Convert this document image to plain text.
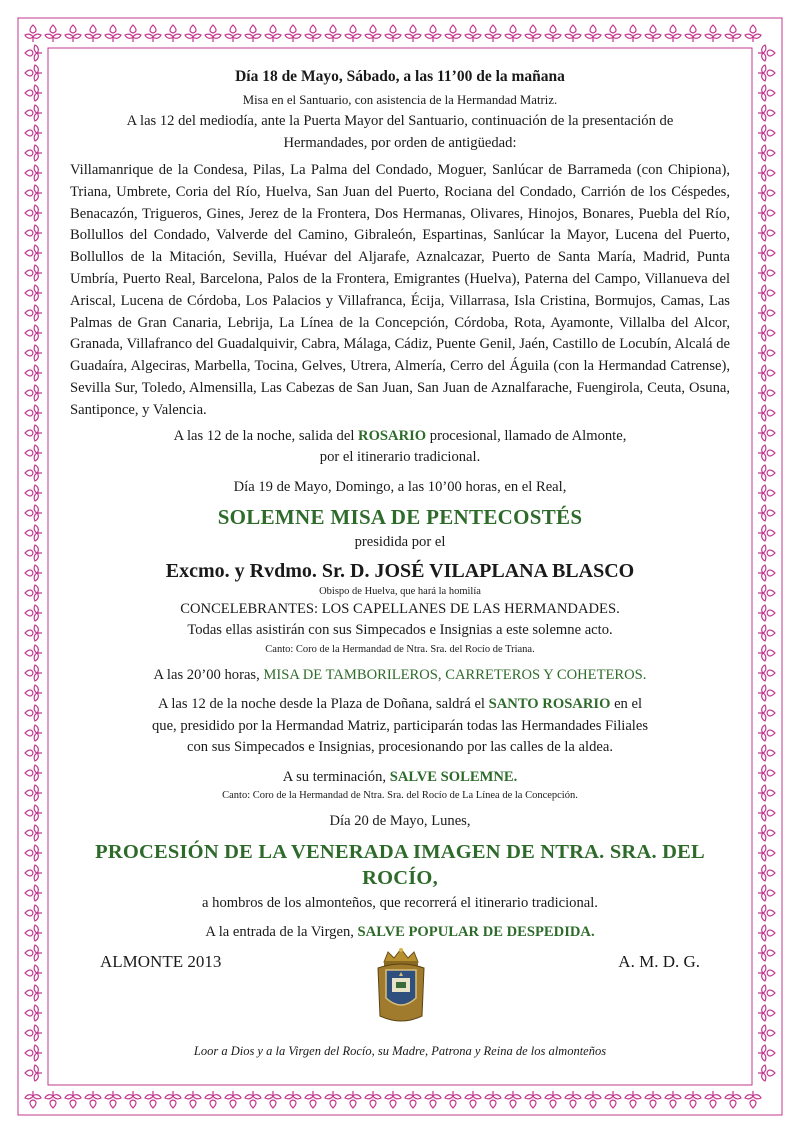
Día 18 de Mayo, Sábado, a las 11’00 de la mañana

Misa en el Santuario, con asistencia de la Hermandad Matriz.

A las 12 del mediodía, ante la Puerta Mayor del Santuario, continuación de la presentación de

Hermandades, por orden de antigüedad:

Villamanrique de la Condesa, Pilas, La Palma del Condado, Moguer, Sanlúcar de Barrameda (con Chipiona), Triana, Umbrete, Coria del Río, Huelva, San Juan del Puerto, Rociana del Condado, Carrión de los Céspedes, Benacazón, Trigueros, Gines, Jerez de la Frontera, Dos Hermanas, Olivares, Hinojos, Bonares, Puebla del Río, Bollullos del Condado, Valverde del Camino, Gibraleón, Espartinas, Sanlúcar la Mayor, Lucena del Puerto, Bollullos de la Mitación, Sevilla, Huévar del Aljarafe, Aznalcazar, Puerto de Santa María, Madrid, Punta Umbría, Puerto Real, Barcelona, Palos de la Frontera, Emigrantes (Huelva), Paterna del Campo, Villanueva del Ariscal, Lucena de Córdoba, Los Palacios y Villafranca, Écija, Villarrasa, Isla Cristina, Bormujos, Camas, Las Palmas de Gran Canaria, Lebrija, La Línea de la Concepción, Córdoba, Rota, Ayamonte, Villalba del Alcor, Granada, Villafranco del Guadalquivir, Cabra, Málaga, Cádiz, Puente Genil, Jaén, Castillo de Locubín, Alcalá de Guadaíra, Algeciras, Marbella, Tocina, Gelves, Utrera, Almería, Cerro del Águila (con la Hermandad Catrense), Sevilla Sur, Toledo, Almensilla, Las Cabezas de San Juan, San Juan de Aznalfarache, Fuengirola, Ceuta, Osuna, Santiponce, y Valencia.

A las 12 de la noche, salida del ROSARIO procesional, llamado de Almonte,

por el itinerario tradicional.

Día 19 de Mayo, Domingo, a las 10’00 horas, en el Real,

SOLEMNE MISA DE PENTECOSTÉS

presidida por el

Excmo. y Rvdmo. Sr. D. JOSÉ VILAPLANA BLASCO

Obispo de Huelva, que hará la homilía

CONCELEBRANTES: LOS CAPELLANES DE LAS HERMANDADES.

Todas ellas asistirán con sus Simpecados e Insignias a este solemne acto.

Canto: Coro de la Hermandad de Ntra. Sra. del Rocío de Triana.

A las 20’00 horas, MISA DE TAMBORILEROS, CARRETEROS Y COHETEROS.

A las 12 de la noche desde la Plaza de Doñana, saldrá el SANTO ROSARIO en el

que, presidido por la Hermandad Matriz, participarán todas las Hermandades Filiales

con sus Simpecados e Insignias, procesionando por las calles de la aldea.

A su terminación, SALVE SOLEMNE.

Canto: Coro de la Hermandad de Ntra. Sra. del Rocío de La Línea de la Concepción.

Día 20 de Mayo, Lunes,

PROCESIÓN DE LA VENERADA IMAGEN DE NTRA. SRA. DEL ROCÍO,

a hombros de los almonteños, que recorrerá el itinerario tradicional.

A la entrada de la Virgen, SALVE POPULAR DE DESPEDIDA.

ALMONTE 2013	A. M. D. G.

Loor a Dios y a la Virgen del Rocío, su Madre, Patrona y Reina de los almonteños
